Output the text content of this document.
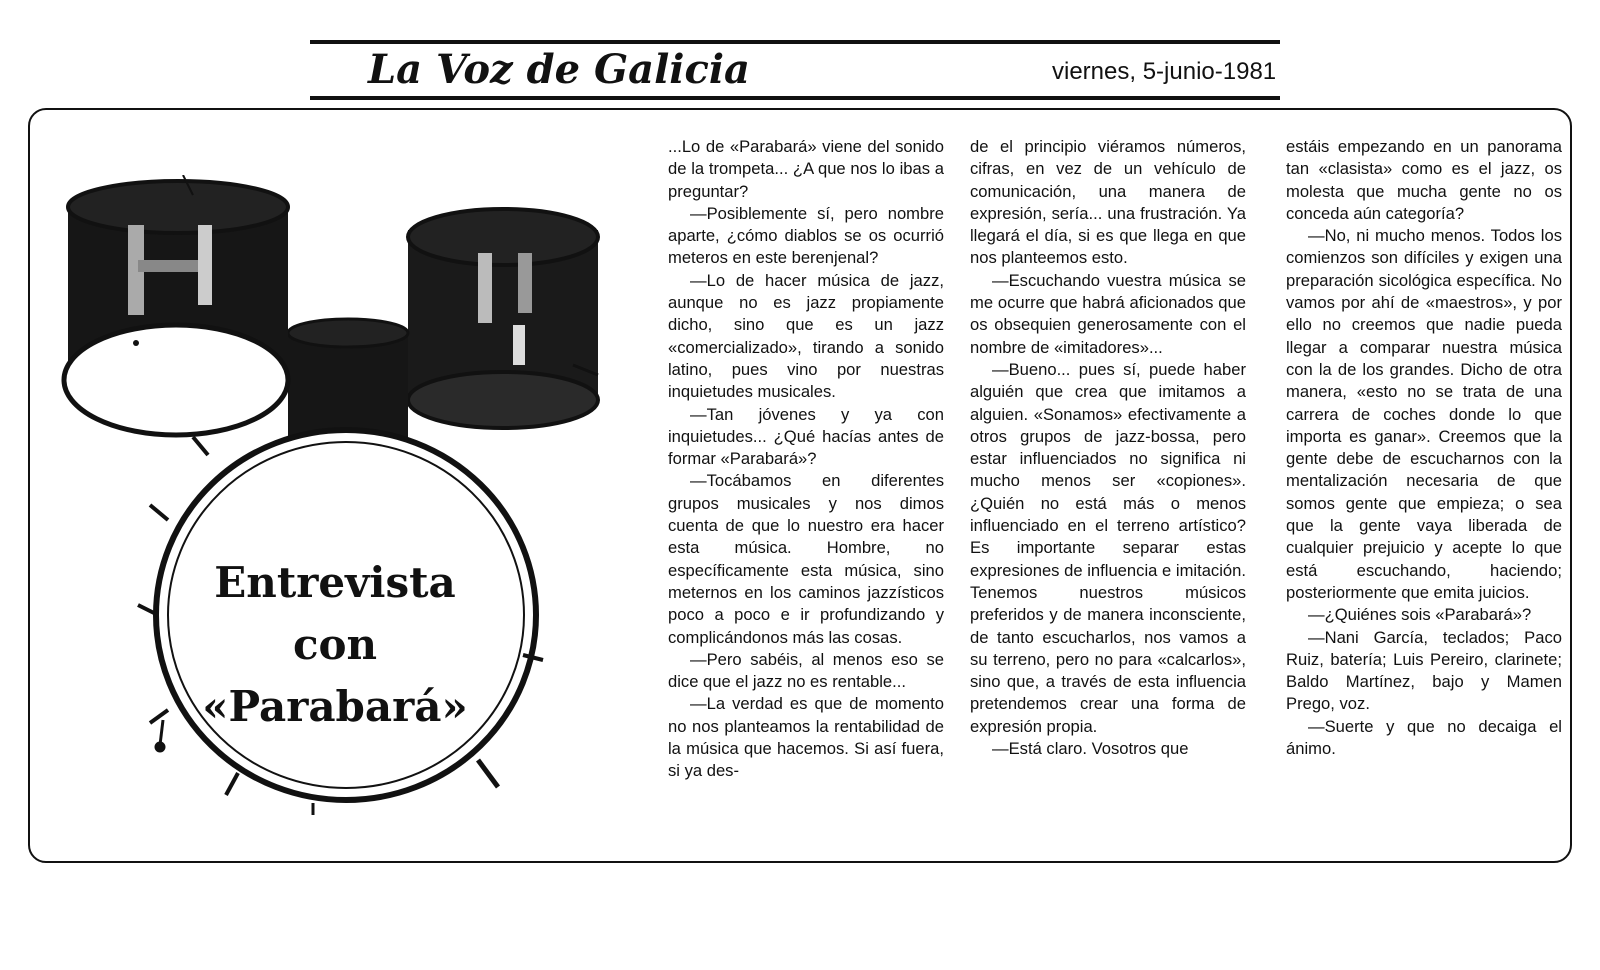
La Voz de Galicia	viernes, 5-junio-1981
Entrevista
con
«Parabará»

...Lo de «Parabará» viene del sonido de la trompeta... ¿A que nos lo ibas a preguntar?

—Posiblemente sí, pero nombre aparte, ¿cómo diablos se os ocurrió meteros en este berenjenal?

—Lo de hacer música de jazz, aunque no es jazz propiamente dicho, sino que es un jazz «comercializado», tirando a sonido latino, pues vino por nuestras inquietudes musicales.

—Tan jóvenes y ya con inquietudes... ¿Qué hacías antes de formar «Parabará»?

—Tocábamos en diferentes grupos musicales y nos dimos cuenta de que lo nuestro era hacer esta música. Hombre, no específicamente esta música, sino meternos en los caminos jazzísticos poco a poco e ir profundizando y complicándonos más las cosas.

—Pero sabéis, al menos eso se dice que el jazz no es rentable...

—La verdad es que de momento no nos planteamos la rentabilidad de la música que hacemos. Si así fuera, si ya des-

de el principio viéramos números, cifras, en vez de un vehículo de comunicación, una manera de expresión, sería... una frustración. Ya llegará el día, si es que llega en que nos planteemos esto.

—Escuchando vuestra música se me ocurre que habrá aficionados que os obsequien generosamente con el nombre de «imitadores»...

—Bueno... pues sí, puede haber alguién que crea que imitamos a alguien. «Sonamos» efectivamente a otros grupos de jazz-bossa, pero estar influenciados no significa ni mucho menos ser «copiones». ¿Quién no está más o menos influenciado en el terreno artístico? Es importante separar estas expresiones de influencia e imitación. Tenemos nuestros músicos preferidos y de manera inconsciente, de tanto escucharlos, nos vamos a su terreno, pero no para «calcarlos», sino que, a través de esta influencia pretendemos crear una forma de expresión propia.

—Está claro. Vosotros que

estáis empezando en un panorama tan «clasista» como es el jazz, os molesta que mucha gente no os conceda aún categoría?

—No, ni mucho menos. Todos los comienzos son difíciles y exigen una preparación sicológica específica. No vamos por ahí de «maestros», y por ello no creemos que nadie pueda llegar a comparar nuestra música con la de los grandes. Dicho de otra manera, «esto no se trata de una carrera de coches donde lo que importa es ganar». Creemos que la gente debe de escucharnos con la mentalización necesaria de que somos gente que empieza; o sea que la gente vaya liberada de cualquier prejuicio y acepte lo que está escuchando, haciendo; posteriormente que emita juicios.

—¿Quiénes sois «Parabará»?

—Nani García, teclados; Paco Ruiz, batería; Luis Pereiro, clarinete; Baldo Martínez, bajo y Mamen Prego, voz.

—Suerte y que no decaiga el ánimo.
